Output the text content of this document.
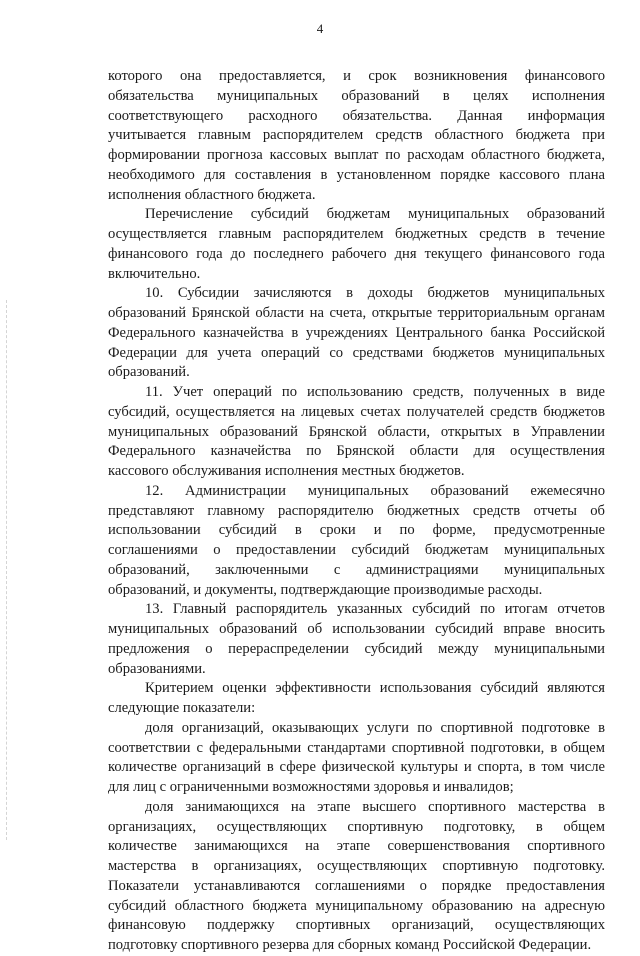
4

которого она предоставляется, и срок возникновения финансового
обязательства муниципальных образований в целях исполнения
соответствующего расходного обязательства. Данная информация
учитывается главным распорядителем средств областного бюджета при
формировании прогноза кассовых выплат по расходам областного бюджета,
необходимого для составления в установленном порядке кассового плана
исполнения областного бюджета.

Перечисление субсидий бюджетам муниципальных образований
осуществляется главным распорядителем бюджетных средств в течение
финансового года до последнего рабочего дня текущего финансового года
включительно.

10. Субсидии зачисляются в доходы бюджетов муниципальных
образований Брянской области на счета, открытые территориальным органам
Федерального казначейства в учреждениях Центрального банка Российской
Федерации для учета операций со средствами бюджетов муниципальных
образований.

11. Учет операций по использованию средств, полученных в виде
субсидий, осуществляется на лицевых счетах получателей средств бюджетов
муниципальных образований Брянской области, открытых в Управлении
Федерального казначейства по Брянской области для осуществления
кассового обслуживания исполнения местных бюджетов.

12. Администрации муниципальных образований ежемесячно
представляют главному распорядителю бюджетных средств отчеты об
использовании субсидий в сроки и по форме, предусмотренные
соглашениями о предоставлении субсидий бюджетам муниципальных
образований, заключенными с администрациями муниципальных
образований, и документы, подтверждающие производимые расходы.

13. Главный распорядитель указанных субсидий по итогам отчетов
муниципальных образований об использовании субсидий вправе вносить
предложения о перераспределении субсидий между муниципальными
образованиями.

Критерием оценки эффективности использования субсидий являются
следующие показатели:

доля организаций, оказывающих услуги по спортивной подготовке в
соответствии с федеральными стандартами спортивной подготовки, в общем
количестве организаций в сфере физической культуры и спорта, в том числе
для лиц с ограниченными возможностями здоровья и инвалидов;

доля занимающихся на этапе высшего спортивного мастерства в
организациях, осуществляющих спортивную подготовку, в общем
количестве занимающихся на этапе совершенствования спортивного
мастерства в организациях, осуществляющих спортивную подготовку.
Показатели устанавливаются соглашениями о порядке предоставления
субсидий областного бюджета муниципальному образованию на адресную
финансовую поддержку спортивных организаций, осуществляющих
подготовку спортивного резерва для сборных команд Российской Федерации.
